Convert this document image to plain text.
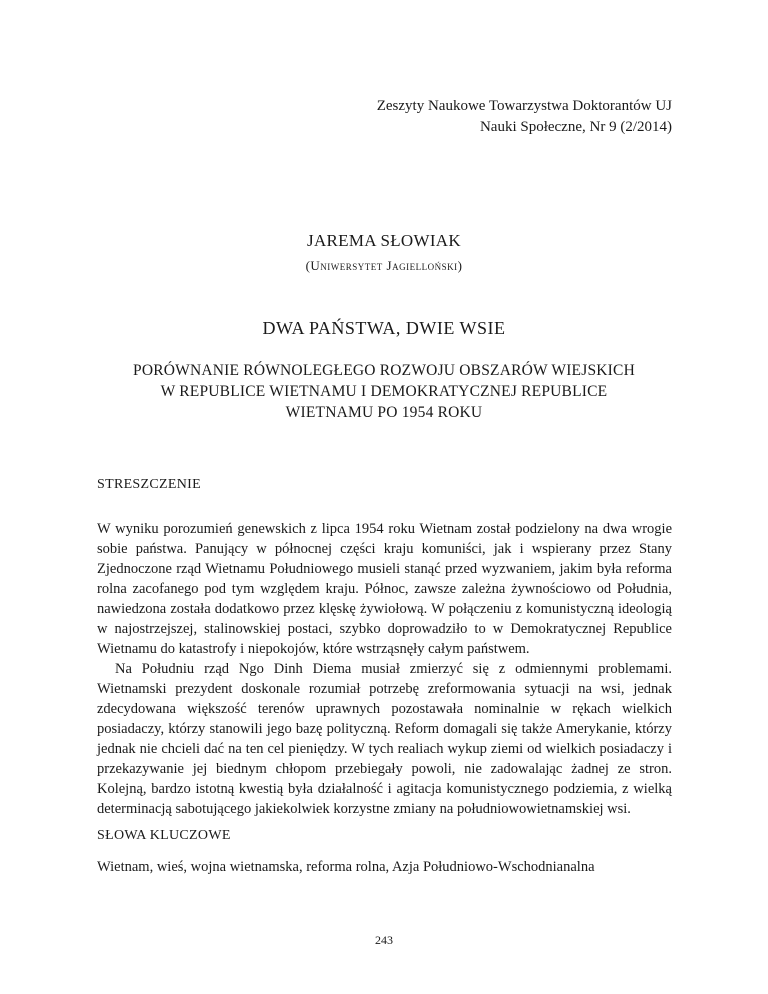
Zeszyty Naukowe Towarzystwa Doktorantów UJ
Nauki Społeczne, Nr 9 (2/2014)
JAREMA SŁOWIAK
(Uniwersytet Jagielloński)
DWA PAŃSTWA, DWIE WSIE
PORÓWNANIE RÓWNOLEGŁEGO ROZWOJU OBSZARÓW WIEJSKICH
W REPUBLICE WIETNAMU I DEMOKRATYCZNEJ REPUBLICE
WIETNAMU PO 1954 ROKU
STRESZCZENIE

W wyniku porozumień genewskich z lipca 1954 roku Wietnam został podzielony na dwa wrogie sobie państwa. Panujący w północnej części kraju komuniści, jak i wspierany przez Stany Zjednoczone rząd Wietnamu Południowego musieli stanąć przed wyzwaniem, jakim była reforma rolna zacofanego pod tym względem kraju. Północ, zawsze zależna żywnościowo od Południa, nawiedzona została dodatkowo przez klęskę żywiołową. W połączeniu z komunistyczną ideologią w najostrzejszej, stalinowskiej postaci, szybko doprowadziło to w Demokratycznej Republice Wietnamu do katastrofy i niepokojów, które wstrząsnęły całym państwem.

Na Południu rząd Ngo Dinh Diema musiał zmierzyć się z odmiennymi problemami. Wietnamski prezydent doskonale rozumiał potrzebę zreformowania sytuacji na wsi, jednak zdecydowana większość terenów uprawnych pozostawała nominalnie w rękach wielkich posiadaczy, którzy stanowili jego bazę polityczną. Reform domagali się także Amerykanie, którzy jednak nie chcieli dać na ten cel pieniędzy. W tych realiach wykup ziemi od wielkich posiadaczy i przekazywanie jej biednym chłopom przebiegały powoli, nie zadowalając żadnej ze stron. Kolejną, bardzo istotną kwestią była działalność i agitacja komunistycznego podziemia, z wielką determinacją sabotującego jakiekolwiek korzystne zmiany na południowowietnamskiej wsi.

SŁOWA KLUCZOWE
Wietnam, wieś, wojna wietnamska, reforma rolna, Azja Południowo-Wschodnianalna
243
